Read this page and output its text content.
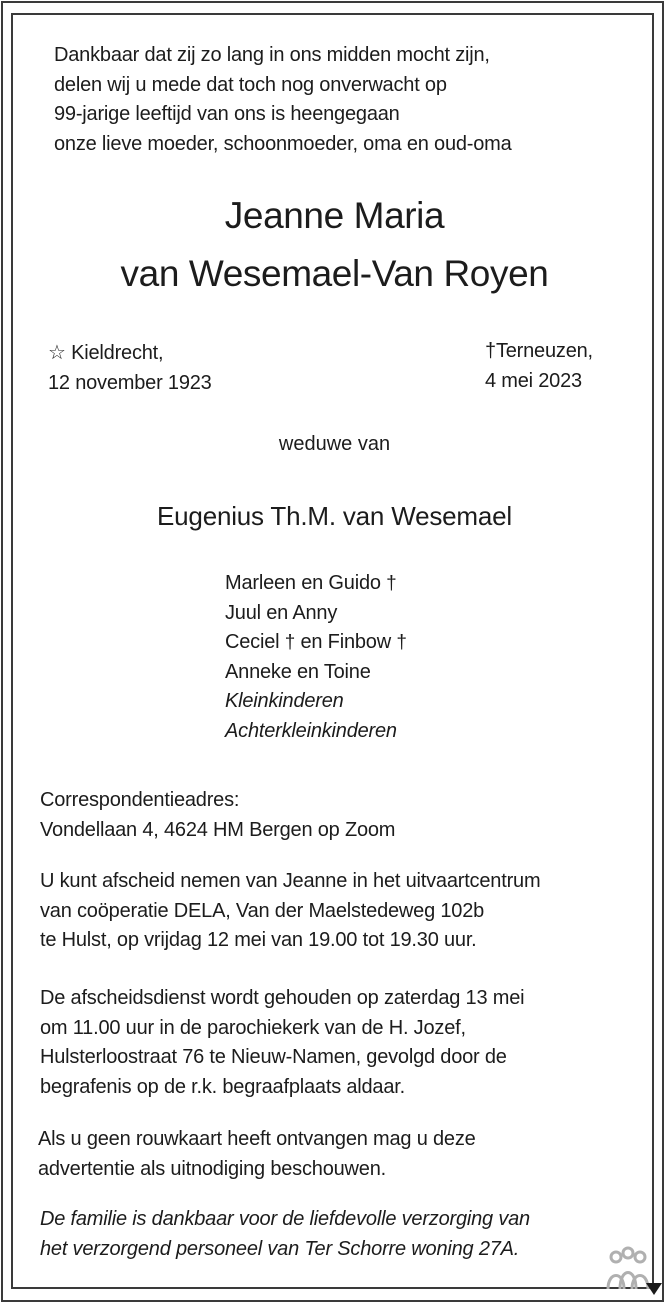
Dankbaar dat zij zo lang in ons midden mocht zijn,
delen wij u mede dat toch nog onverwacht op
99-jarige leeftijd van ons is heengegaan
onze lieve moeder, schoonmoeder, oma en oud-oma
Jeanne Maria
van Wesemael-Van Royen
☆ Kieldrecht,
12 november 1923
†Terneuzen,
4 mei 2023
weduwe van
Eugenius Th.M. van Wesemael
Marleen en Guido †
Juul en Anny
Ceciel † en Finbow †
Anneke en Toine
Kleinkinderen
Achterkleinkinderen
Correspondentieadres:
Vondellaan 4, 4624 HM Bergen op Zoom
U kunt afscheid nemen van Jeanne in het uitvaartcentrum
van coöperatie DELA, Van der Maelstedeweg 102b
te Hulst, op vrijdag 12 mei van 19.00 tot 19.30 uur.
De afscheidsdienst wordt gehouden op zaterdag 13 mei
om 11.00 uur in de parochiekerk van de H. Jozef,
Hulsterloostraat 76 te Nieuw-Namen, gevolgd door de
begrafenis op de r.k. begraafplaats aldaar.
Als u geen rouwkaart heeft ontvangen mag u deze
advertentie als uitnodiging beschouwen.
De familie is dankbaar voor de liefdevolle verzorging van
het verzorgend personeel van Ter Schorre woning 27A.
